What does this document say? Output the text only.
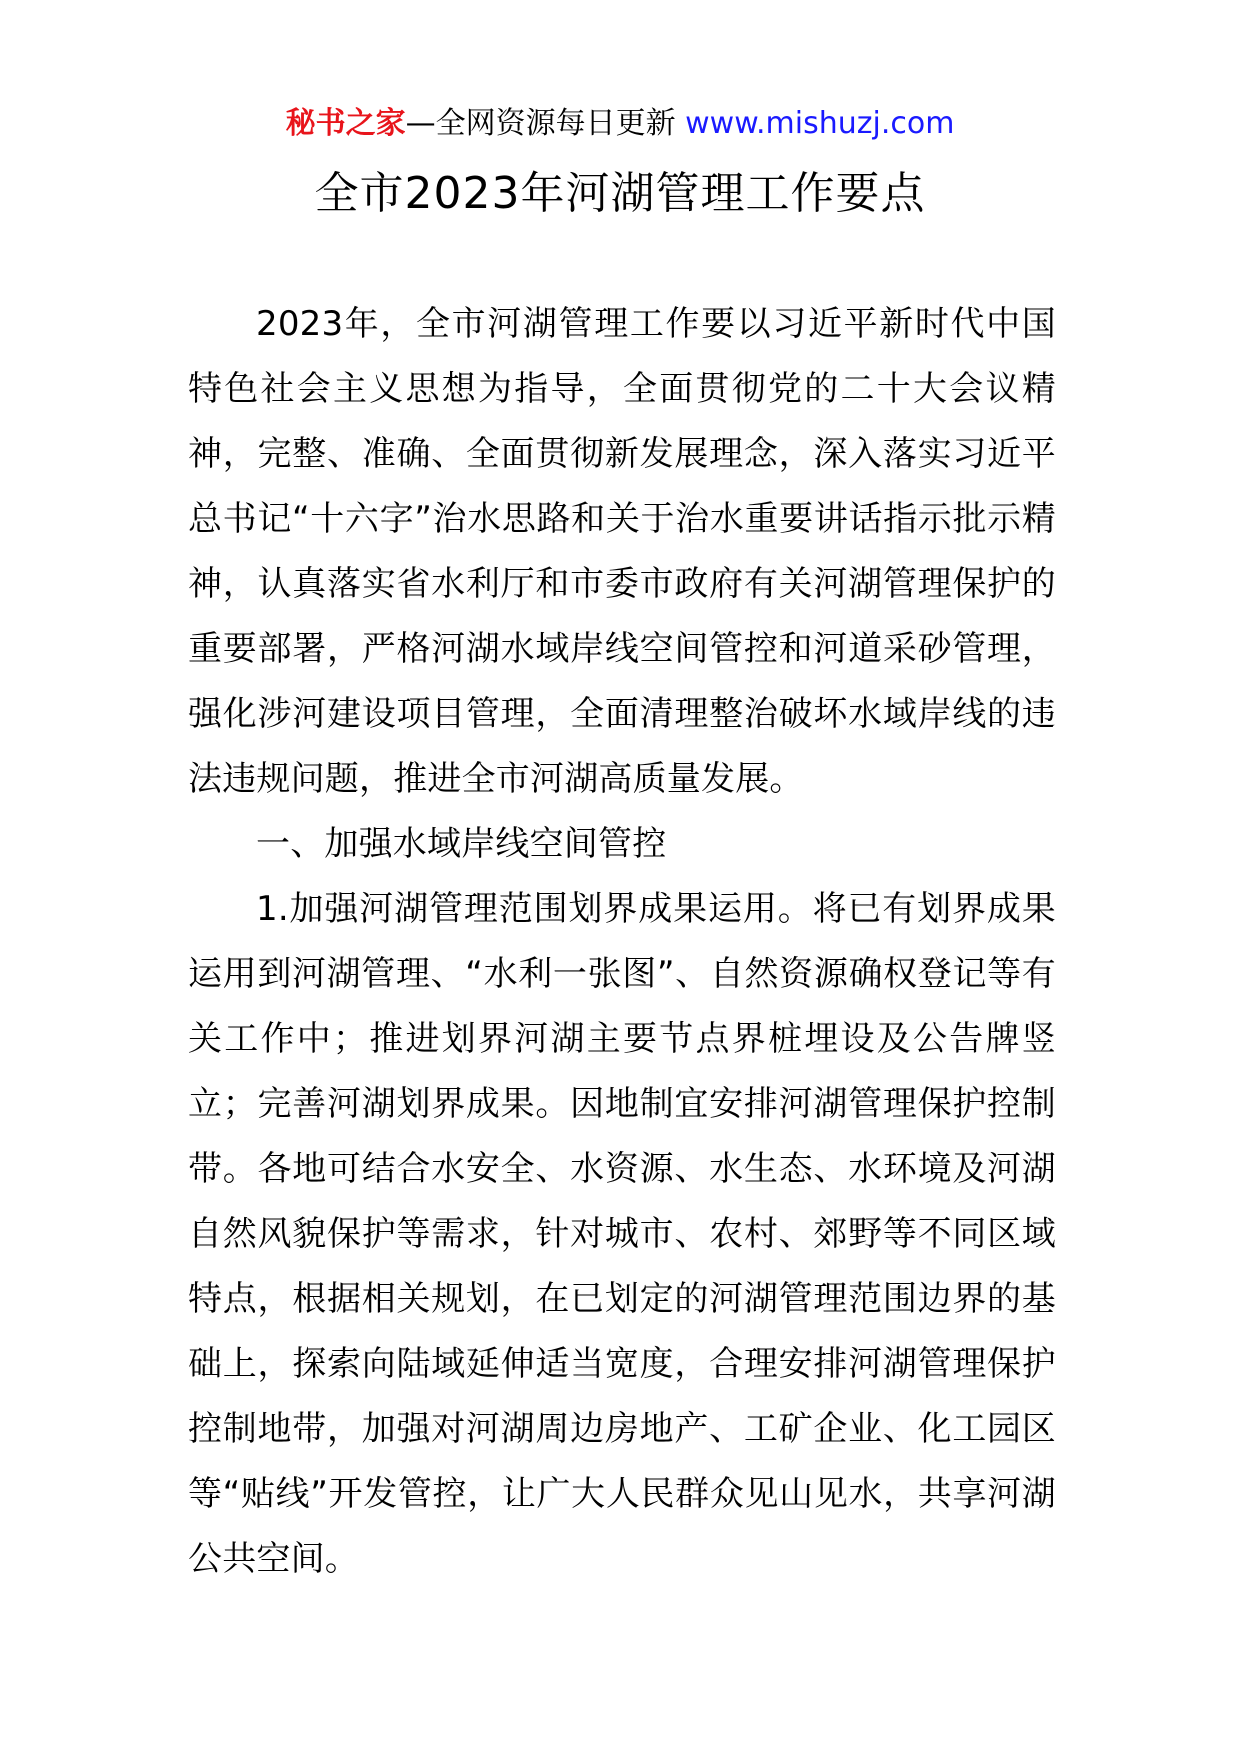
秘书之家—全网资源每日更新 www.mishuzj.com
全市2023年河湖管理工作要点

2023年，全市河湖管理工作要以习近平新时代中国特色社会主义思想为指导，全面贯彻党的二十大会议精神，完整、准确、全面贯彻新发展理念，深入落实习近平总书记“十六字”治水思路和关于治水重要讲话指示批示精神，认真落实省水利厅和市委市政府有关河湖管理保护的重要部署，严格河湖水域岸线空间管控和河道采砂管理，强化涉河建设项目管理，全面清理整治破坏水域岸线的违法违规问题，推进全市河湖高质量发展。

一、加强水域岸线空间管控

1.加强河湖管理范围划界成果运用。将已有划界成果运用到河湖管理、“水利一张图”、自然资源确权登记等有关工作中；推进划界河湖主要节点界桩埋设及公告牌竖立；完善河湖划界成果。因地制宜安排河湖管理保护控制带。各地可结合水安全、水资源、水生态、水环境及河湖自然风貌保护等需求，针对城市、农村、郊野等不同区域特点，根据相关规划，在已划定的河湖管理范围边界的基础上，探索向陆域延伸适当宽度，合理安排河湖管理保护控制地带，加强对河湖周边房地产、工矿企业、化工园区等“贴线”开发管控，让广大人民群众见山见水，共享河湖公共空间。
